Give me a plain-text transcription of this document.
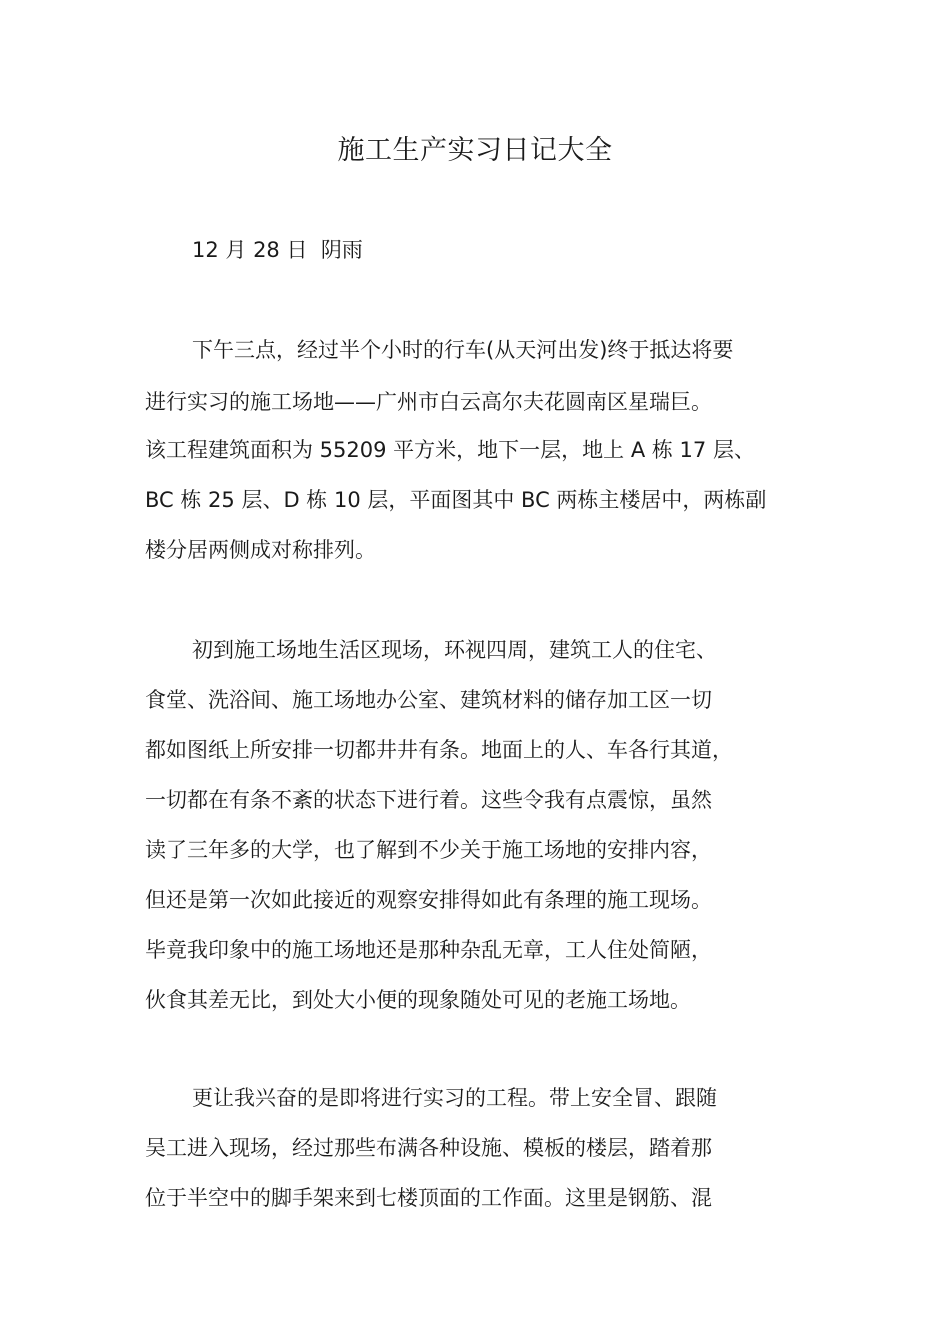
施工生产实习日记大全
12 月 28 日  阴雨
下午三点，经过半个小时的行车(从天河出发)终于抵达将要
进行实习的施工场地——广州市白云高尔夫花圆南区星瑞巨。
该工程建筑面积为 55209 平方米，地下一层，地上 A 栋 17 层、
BC 栋 25 层、D 栋 10 层，平面图其中 BC 两栋主楼居中，两栋副
楼分居两侧成对称排列。
初到施工场地生活区现场，环视四周，建筑工人的住宅、
食堂、洗浴间、施工场地办公室、建筑材料的储存加工区一切
都如图纸上所安排一切都井井有条。地面上的人、车各行其道，
一切都在有条不紊的状态下进行着。这些令我有点震惊，虽然
读了三年多的大学，也了解到不少关于施工场地的安排内容，
但还是第一次如此接近的观察安排得如此有条理的施工现场。
毕竟我印象中的施工场地还是那种杂乱无章，工人住处简陋，
伙食其差无比，到处大小便的现象随处可见的老施工场地。
更让我兴奋的是即将进行实习的工程。带上安全冒、跟随
吴工进入现场，经过那些布满各种设施、模板的楼层，踏着那
位于半空中的脚手架来到七楼顶面的工作面。这里是钢筋、混
